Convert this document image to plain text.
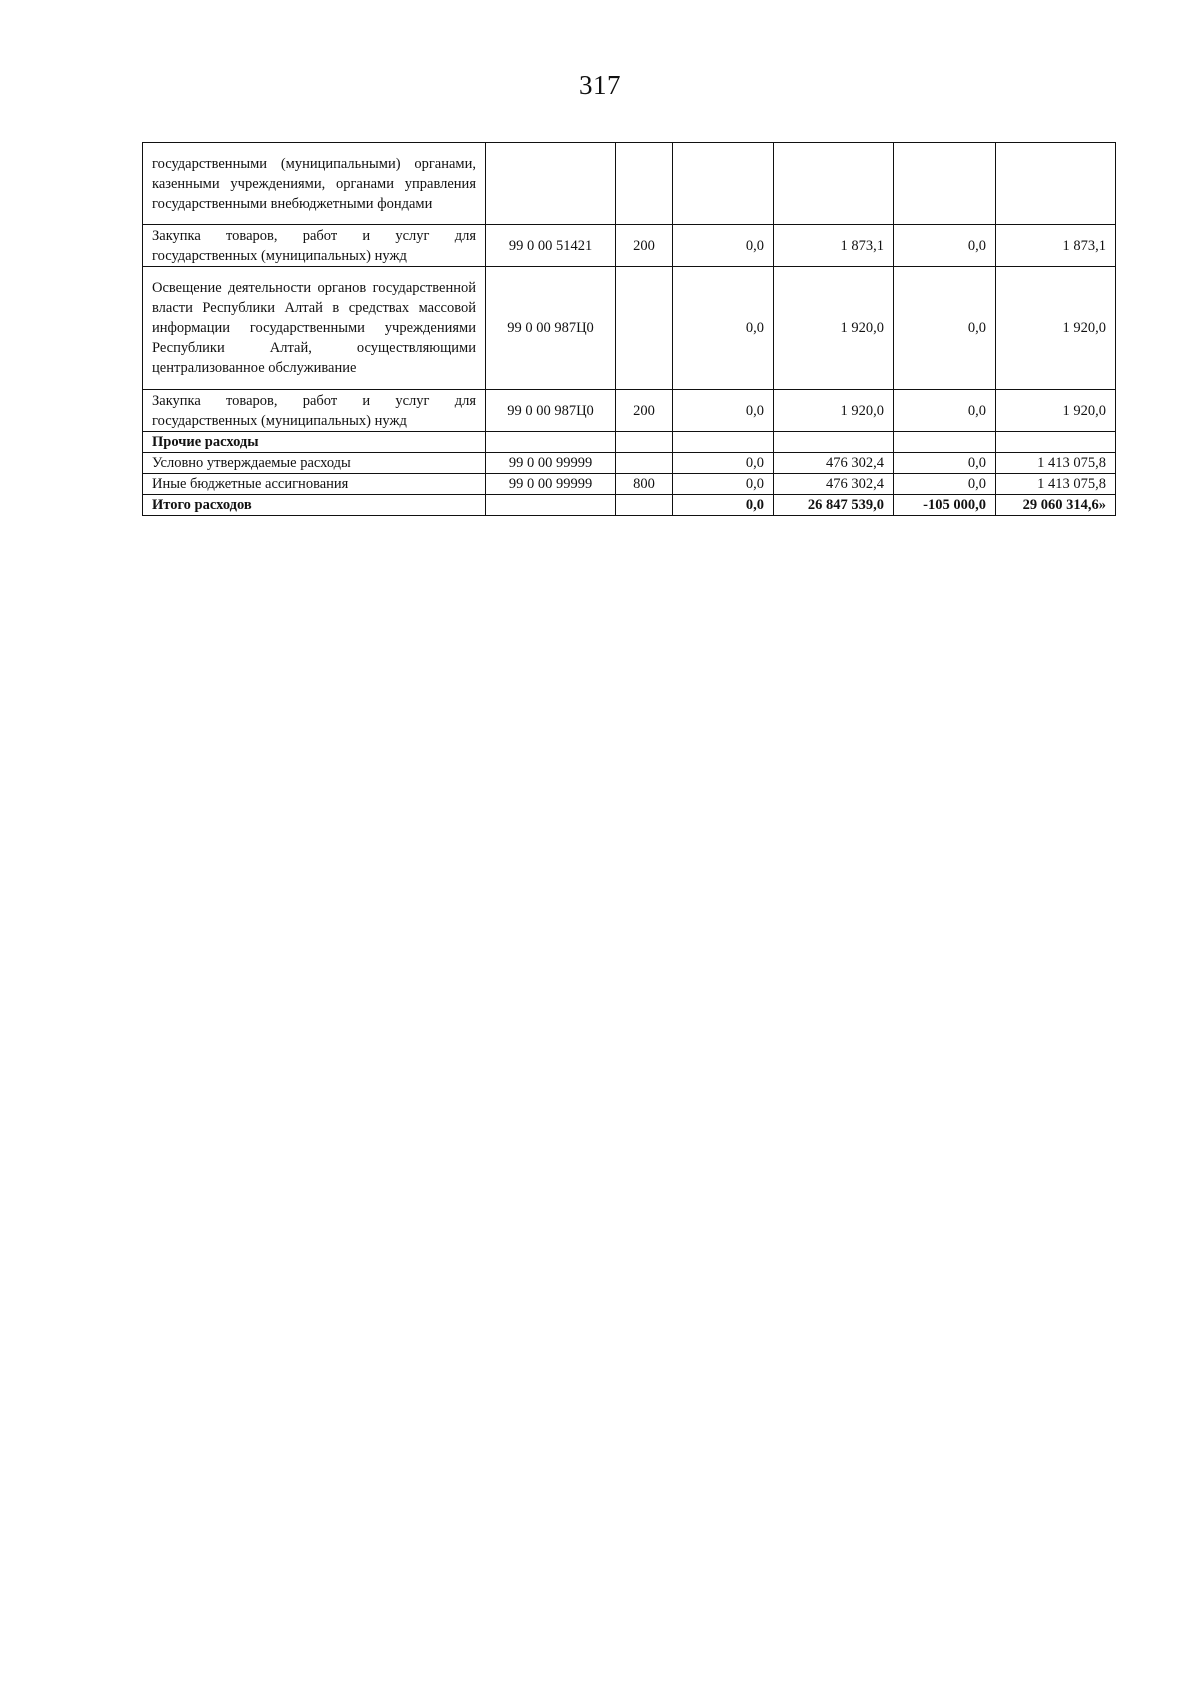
317
государственными (муниципальными) органами, казенными учреждениями, органами управления государственными внебюджетными фондами						
Закупка товаров, работ и услуг для государственных (муниципальных) нужд	99 0 00 51421	200	0,0	1 873,1	0,0	1 873,1
Освещение деятельности органов государственной власти Республики Алтай в средствах массовой информации государственными учреждениями Республики Алтай, осуществляющими централизованное обслуживание	99 0 00 987Ц0		0,0	1 920,0	0,0	1 920,0
Закупка товаров, работ и услуг для государственных (муниципальных) нужд	99 0 00 987Ц0	200	0,0	1 920,0	0,0	1 920,0
Прочие расходы						
Условно утверждаемые расходы	99 0 00 99999		0,0	476 302,4	0,0	1 413 075,8
Иные бюджетные ассигнования	99 0 00 99999	800	0,0	476 302,4	0,0	1 413 075,8
Итого расходов			0,0	26 847 539,0	-105 000,0	29 060 314,6»
